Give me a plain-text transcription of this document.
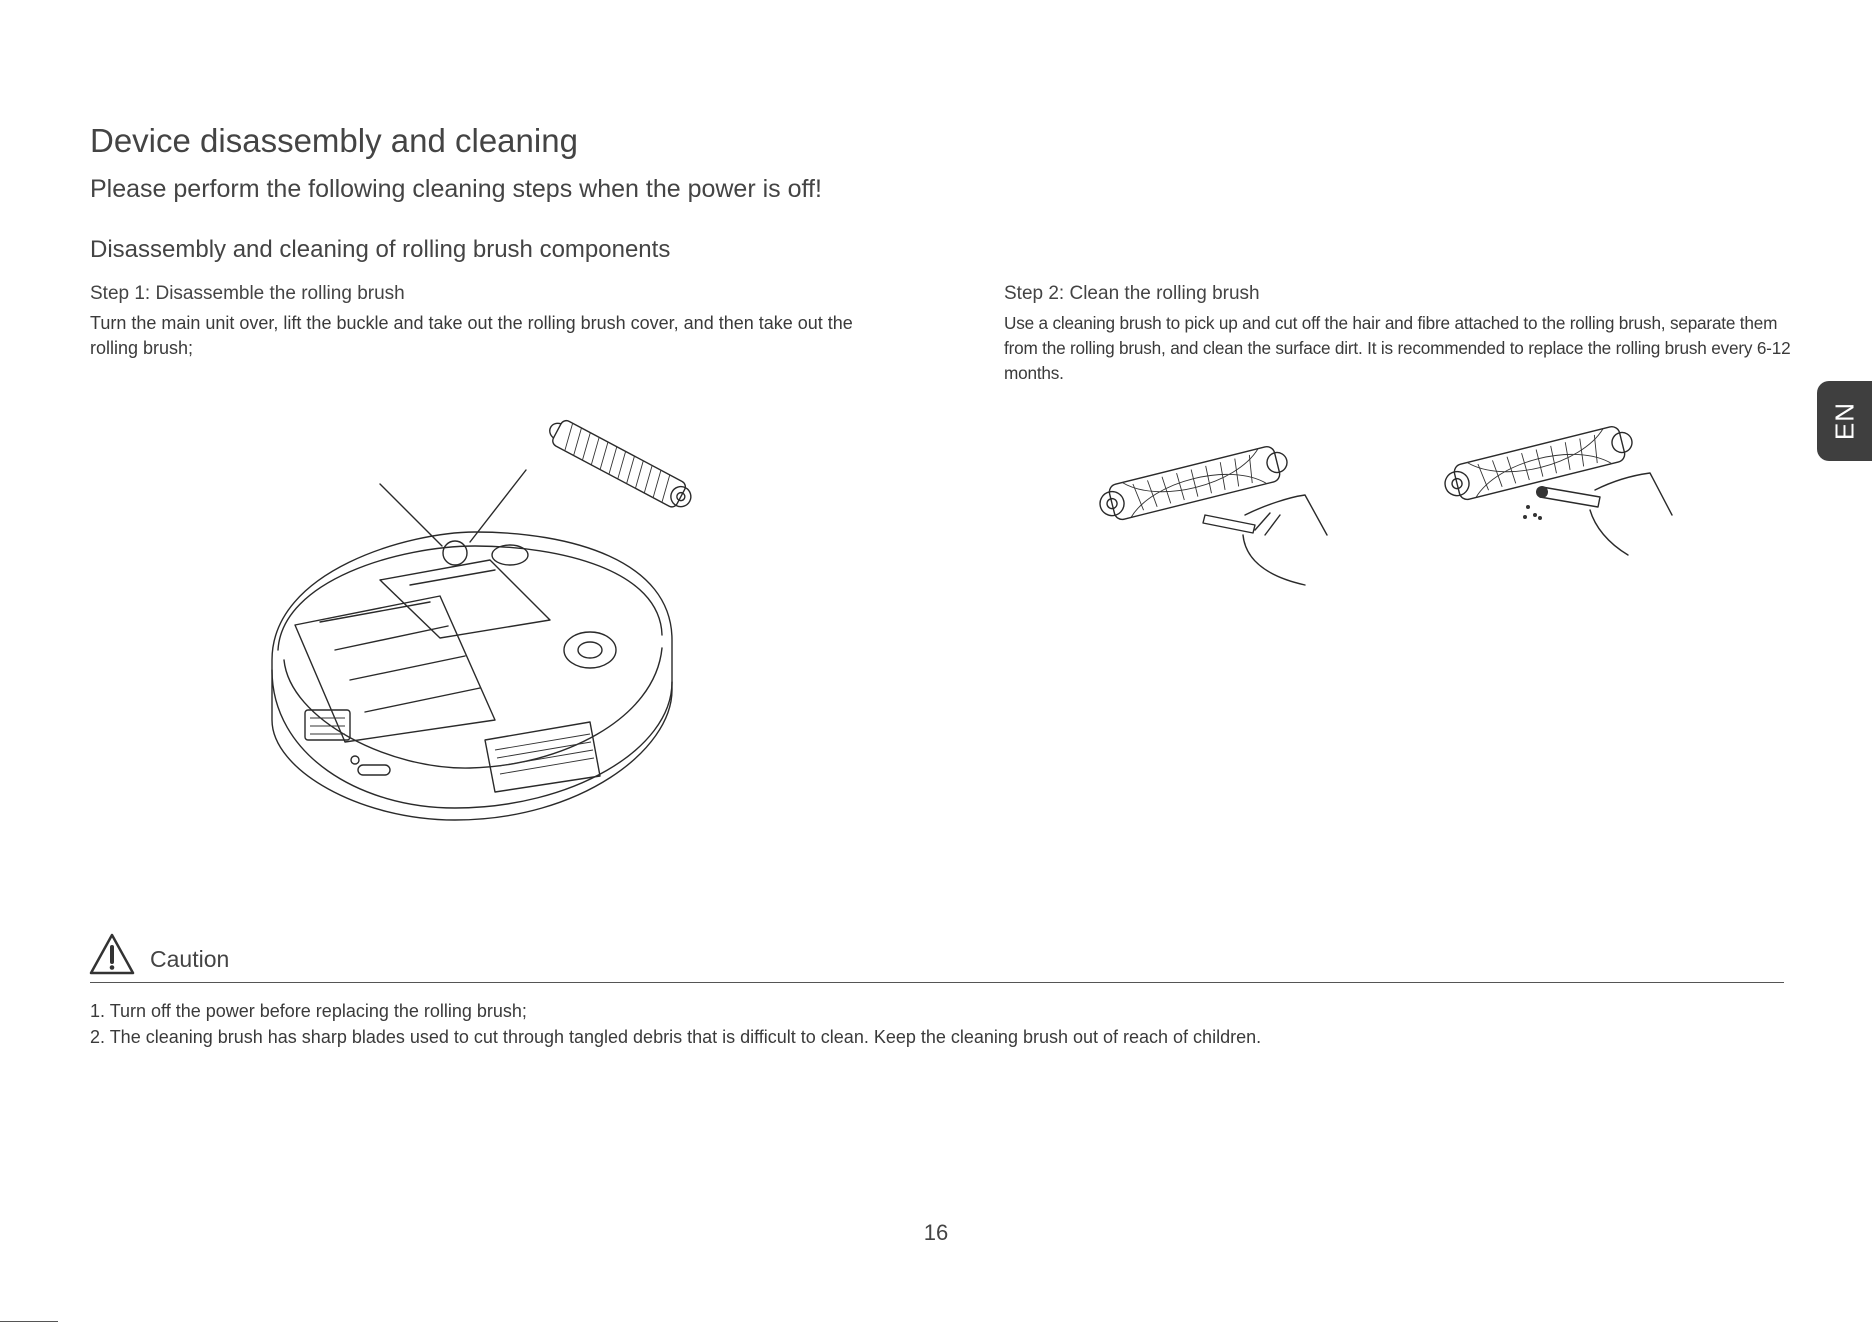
Device disassembly and cleaning
Please perform the following cleaning steps when the power is off!
Disassembly and cleaning of rolling brush components
Step 1: Disassemble the rolling brush
Turn the main unit over, lift the buckle and take out the rolling brush cover, and then take out the rolling brush;
Step 2: Clean the rolling brush
Use a cleaning brush to pick up and cut off the hair and fibre attached to the rolling brush, separate them from the rolling brush, and clean the surface dirt. It is recommended to replace the rolling brush every 6-12 months.
EN
Caution
1. Turn off the power before replacing the rolling brush;
2. The cleaning brush has sharp blades used to cut through tangled debris that is difficult to clean. Keep the cleaning brush out of reach of children.
16
